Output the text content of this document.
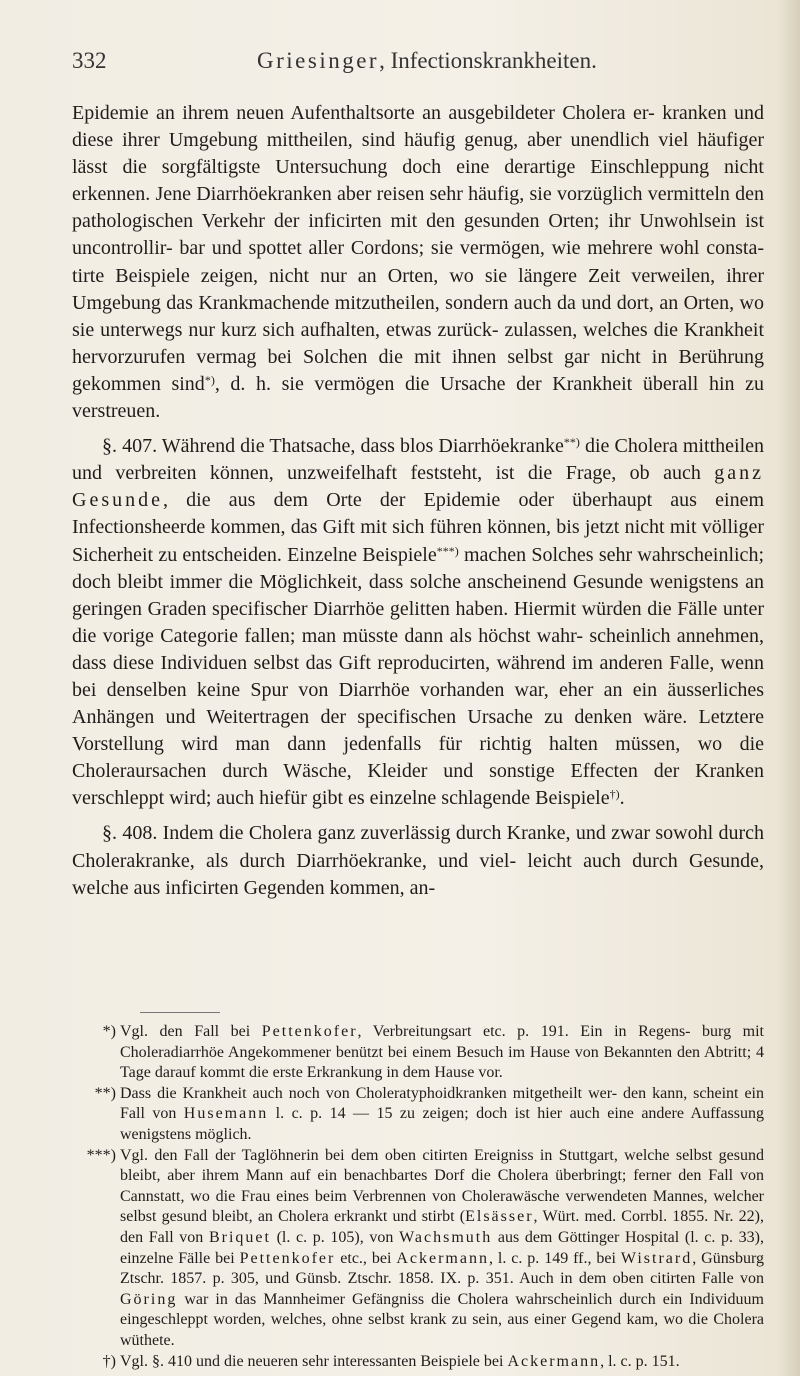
332	Griesinger, Infectionskrankheiten.

Epidemie an ihrem neuen Aufenthaltsorte an ausgebildeter Cholera er- kranken und diese ihrer Umgebung mittheilen, sind häufig genug, aber unendlich viel häufiger lässt die sorgfältigste Untersuchung doch eine derartige Einschleppung nicht erkennen. Jene Diarrhöekranken aber reisen sehr häufig, sie vorzüglich vermitteln den pathologischen Verkehr der inficirten mit den gesunden Orten; ihr Unwohlsein ist uncontrollir- bar und spottet aller Cordons; sie vermögen, wie mehrere wohl consta- tirte Beispiele zeigen, nicht nur an Orten, wo sie längere Zeit verweilen, ihrer Umgebung das Krankmachende mitzutheilen, sondern auch da und dort, an Orten, wo sie unterwegs nur kurz sich aufhalten, etwas zurück- zulassen, welches die Krankheit hervorzurufen vermag bei Solchen die mit ihnen selbst gar nicht in Berührung gekommen sind*), d. h. sie vermögen die Ursache der Krankheit überall hin zu verstreuen.

§. 407. Während die Thatsache, dass blos Diarrhöekranke**) die Cholera mittheilen und verbreiten können, unzweifelhaft feststeht, ist die Frage, ob auch ganz Gesunde, die aus dem Orte der Epidemie oder überhaupt aus einem Infectionsheerde kommen, das Gift mit sich führen können, bis jetzt nicht mit völliger Sicherheit zu entscheiden. Einzelne Beispiele***) machen Solches sehr wahrscheinlich; doch bleibt immer die Möglichkeit, dass solche anscheinend Gesunde wenigstens an geringen Graden specifischer Diarrhöe gelitten haben. Hiermit würden die Fälle unter die vorige Categorie fallen; man müsste dann als höchst wahr- scheinlich annehmen, dass diese Individuen selbst das Gift reproducirten, während im anderen Falle, wenn bei denselben keine Spur von Diarrhöe vorhanden war, eher an ein äusserliches Anhängen und Weitertragen der specifischen Ursache zu denken wäre. Letztere Vorstellung wird man dann jedenfalls für richtig halten müssen, wo die Choleraursachen durch Wäsche, Kleider und sonstige Effecten der Kranken verschleppt wird; auch hiefür gibt es einzelne schlagende Beispiele†).

§. 408. Indem die Cholera ganz zuverlässig durch Kranke, und zwar sowohl durch Cholerakranke, als durch Diarrhöekranke, und viel- leicht auch durch Gesunde, welche aus inficirten Gegenden kommen, an-

*) Vgl. den Fall bei Pettenkofer, Verbreitungsart etc. p. 191. Ein in Regens- burg mit Choleradiarrhöe Angekommener benützt bei einem Besuch im Hause von Bekannten den Abtritt; 4 Tage darauf kommt die erste Erkrankung in dem Hause vor.

**) Dass die Krankheit auch noch von Choleratyphoidkranken mitgetheilt wer- den kann, scheint ein Fall von Husemann l. c. p. 14 — 15 zu zeigen; doch ist hier auch eine andere Auffassung wenigstens möglich.

***) Vgl. den Fall der Taglöhnerin bei dem oben citirten Ereigniss in Stuttgart, welche selbst gesund bleibt, aber ihrem Mann auf ein benachbartes Dorf die Cholera überbringt; ferner den Fall von Cannstatt, wo die Frau eines beim Verbrennen von Cholerawäsche verwendeten Mannes, welcher selbst gesund bleibt, an Cholera erkrankt und stirbt (Elsässer, Würt. med. Corrbl. 1855. Nr. 22), den Fall von Briquet (l. c. p. 105), von Wachsmuth aus dem Göttinger Hospital (l. c. p. 33), einzelne Fälle bei Pettenkofer etc., bei Ackermann, l. c. p. 149 ff., bei Wistrard, Günsburg Ztschr. 1857. p. 305, und Günsb. Ztschr. 1858. IX. p. 351. Auch in dem oben citirten Falle von Göring war in das Mannheimer Gefängniss die Cholera wahrscheinlich durch ein Individuum eingeschleppt worden, welches, ohne selbst krank zu sein, aus einer Gegend kam, wo die Cholera wüthete.

†) Vgl. §. 410 und die neueren sehr interessanten Beispiele bei Ackermann, l. c. p. 151.
